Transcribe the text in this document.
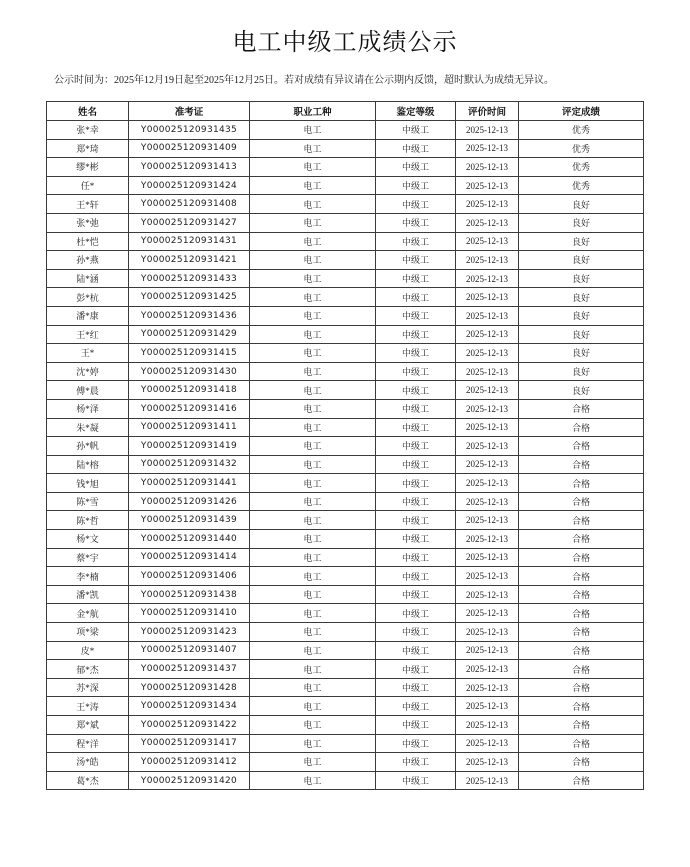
电工中级工成绩公示

公示时间为：2025年12月19日起至2025年12月25日。若对成绩有异议请在公示期内反馈，超时默认为成绩无异议。

姓名	准考证	职业工种	鉴定等级	评价时间	评定成绩
张*幸	Y000025120931435	电工	中级工	2025-12-13	优秀
郑*琦	Y000025120931409	电工	中级工	2025-12-13	优秀
缪*彬	Y000025120931413	电工	中级工	2025-12-13	优秀
任*	Y000025120931424	电工	中级工	2025-12-13	优秀
王*轩	Y000025120931408	电工	中级工	2025-12-13	良好
张*弛	Y000025120931427	电工	中级工	2025-12-13	良好
杜*恺	Y000025120931431	电工	中级工	2025-12-13	良好
孙*燕	Y000025120931421	电工	中级工	2025-12-13	良好
陆*涵	Y000025120931433	电工	中级工	2025-12-13	良好
彭*杭	Y000025120931425	电工	中级工	2025-12-13	良好
潘*康	Y000025120931436	电工	中级工	2025-12-13	良好
王*红	Y000025120931429	电工	中级工	2025-12-13	良好
王*	Y000025120931415	电工	中级工	2025-12-13	良好
沈*婷	Y000025120931430	电工	中级工	2025-12-13	良好
傅*晨	Y000025120931418	电工	中级工	2025-12-13	良好
杨*泽	Y000025120931416	电工	中级工	2025-12-13	合格
朱*凝	Y000025120931411	电工	中级工	2025-12-13	合格
孙*帆	Y000025120931419	电工	中级工	2025-12-13	合格
陆*榕	Y000025120931432	电工	中级工	2025-12-13	合格
钱*旭	Y000025120931441	电工	中级工	2025-12-13	合格
陈*雪	Y000025120931426	电工	中级工	2025-12-13	合格
陈*哲	Y000025120931439	电工	中级工	2025-12-13	合格
杨*文	Y000025120931440	电工	中级工	2025-12-13	合格
蔡*宇	Y000025120931414	电工	中级工	2025-12-13	合格
李*楠	Y000025120931406	电工	中级工	2025-12-13	合格
潘*凯	Y000025120931438	电工	中级工	2025-12-13	合格
金*航	Y000025120931410	电工	中级工	2025-12-13	合格
项*梁	Y000025120931423	电工	中级工	2025-12-13	合格
皮*	Y000025120931407	电工	中级工	2025-12-13	合格
郁*杰	Y000025120931437	电工	中级工	2025-12-13	合格
苏*深	Y000025120931428	电工	中级工	2025-12-13	合格
王*涛	Y000025120931434	电工	中级工	2025-12-13	合格
郑*斌	Y000025120931422	电工	中级工	2025-12-13	合格
程*洋	Y000025120931417	电工	中级工	2025-12-13	合格
汤*皓	Y000025120931412	电工	中级工	2025-12-13	合格
葛*杰	Y000025120931420	电工	中级工	2025-12-13	合格
